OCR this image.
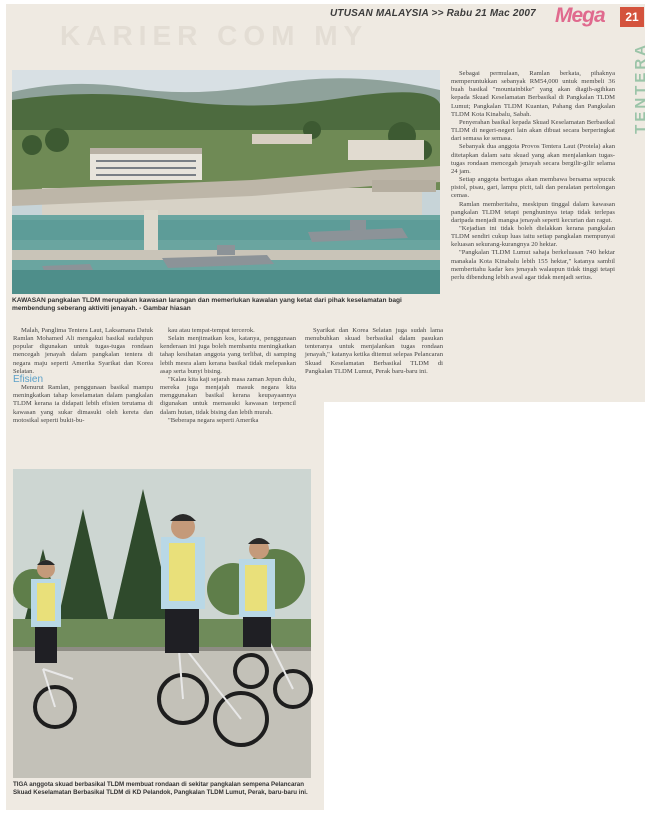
KARIER COM MY
UTUSAN MALAYSIA >> Rabu 21 Mac 2007 Mega	21
TENTERA
KAWASAN pangkalan TLDM merupakan kawasan larangan dan memerlukan kawalan yang ketat dari pihak keselamatan bagi membendung seberang aktiviti jenayah. - Gambar hiasan

Malah, Panglima Tentera Laut, Laksamana Datuk Ramlan Mohamed Ali mengakui basikal sudahpun popular digunakan untuk tugas-tugas rondaan mencegah jenayah dalam pangkalan tentera di negara maju seperti Amerika Syarikat dan Korea Selatan.

Efisien

Menurut Ramlan, penggunaan basikal mampu meningkatkan tahap keselamatan dalam pangkalan TLDM kerana ia didapati lebih efisien terutama di kawasan yang sukar dimasuki oleh kereta dan motosikal seperti bukit-bu-

kau atau tempat-tempat tercerok.

Selain menjimatkan kos, katanya, penggunaan kenderaan ini juga boleh membantu meningkatkan tahap kesihatan anggota yang terlibat, di samping lebih mesra alam kerana basikal tidak melepaskan asap serta bunyi bising.

"Kalau kita kaji sejarah masa zaman Jepun dulu, mereka juga menjajah masuk negara kita menggunakan basikal kerana keupayaannya digunakan untuk memasuki kawasan terpencil dalam hutan, tidak bising dan lebih murah.

"Beberapa negara seperti Amerika

Syarikat dan Korea Selatan juga sudah lama menubuhkan skuad berbasikal dalam pasukan tenteranya untuk menjalankan tugas rondaan jenayah," katanya ketika ditemui selepas Pelancaran Skuad Keselamatan Berbasikal TLDM di Pangkalan TLDM Lumut, Perak baru-baru ini.

Sebagai permulaan, Ramlan berkata, pihaknya memperuntukkan sebanyak RM54,000 untuk membeli 36 buah basikal "mountainbike" yang akan diagih-agihkan kepada Skuad Keselamatan Berbasikal di Pangkalan TLDM Lumut; Pangkalan TLDM Kuantan, Pahang dan Pangkalan TLDM Kota Kinabalu, Sabah.

Penyerahan basikal kepada Skuad Keselamatan Berbasikal TLDM di negeri-negeri lain akan dibuat secara berperingkat dari semasa ke semasa.

Sebanyak dua anggota Provos Tentera Laut (Protela) akan ditetapkan dalam satu skuad yang akan menjalankan tugas-tugas rondaan mencegah jenayah secara bergilir-gilir selama 24 jam.

Setiap anggota bertugas akan membawa bersama sepucuk pistol, pisau, gari, lampu picit, tali dan peralatan pertolongan cemas.

Ramlan memberitahu, meskipun tinggal dalam kawasan pangkalan TLDM tetapi penghuninya tetap tidak terlepas daripada menjadi mangsa jenayah seperti kecurian dan ragut.

"Kejadian ini tidak boleh dielakkan kerana pangkalan TLDM sendiri cukup luas iaitu setiap pangkalan mempunyai keluasan sekurang-kurangnya 20 hektar.

"Pangkalan TLDM Lumut sahaja berkeluasan 740 hektar manakala Kota Kinabalu lebih 155 hektar," katanya sambil memberitahu kadar kes jenayah walaupun tidak tinggi tetapi perlu dibendung lebih awal agar tidak menjadi serius.

TIGA anggota skuad berbasikal TLDM membuat rondaan di sekitar pangkalan sempena Pelancaran Skuad Keselamatan Berbasikal TLDM di KD Pelandok, Pangkalan TLDM Lumut, Perak, baru-baru ini.
